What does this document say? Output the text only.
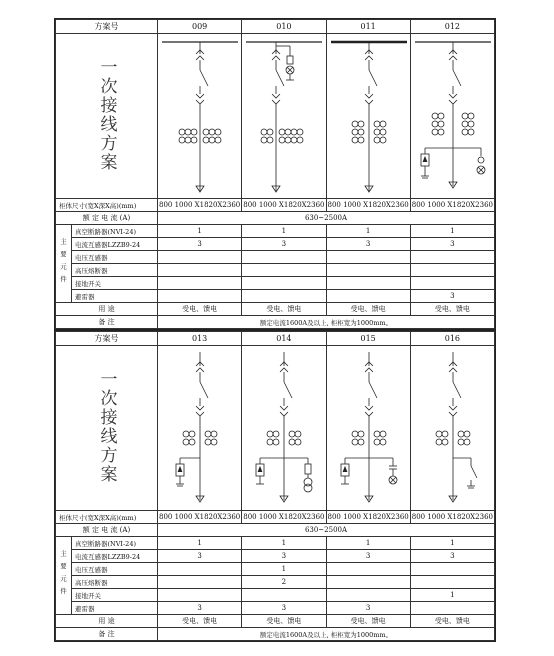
方案号		009	010	011	012
一次接线方案	

柜体尺寸(宽X深X高)(mm)		800 1000 X1820X2360	800 1000 X1820X2360	800 1000 X1820X2360	800 1000 X1820X2360
额 定 电 流 (A)		630~2500A			
主要元件	真空断路器(NVI-24)	1	1	1	1
	电流互感器LZZB9-24	3	3	3	3
	电压互感器				
	高压熔断器				
	接地开关				
	避雷器				3
用 途		受电、馈电	受电、馈电	受电、馈电	受电、馈电
备 注		额定电流1600A及以上, 柜柜宽为1000mm。			
方案号		013	014	015	016
一次接线方案	

柜体尺寸(宽X深X高)(mm)		800 1000 X1820X2360	800 1000 X1820X2360	800 1000 X1820X2360	800 1000 X1820X2360
额 定 电 流 (A)		630~2500A			
主要元件	真空断路器(NVI-24)	1	1	1	1
	电流互感器LZZB9-24	3	3	3	3
	电压互感器		1		
	高压熔断器		2		
	接地开关				1
	避雷器	3	3	3	
用 途		受电、馈电	受电、馈电	受电、馈电	受电、馈电
备 注		额定电流1600A及以上, 柜柜宽为1000mm。			
